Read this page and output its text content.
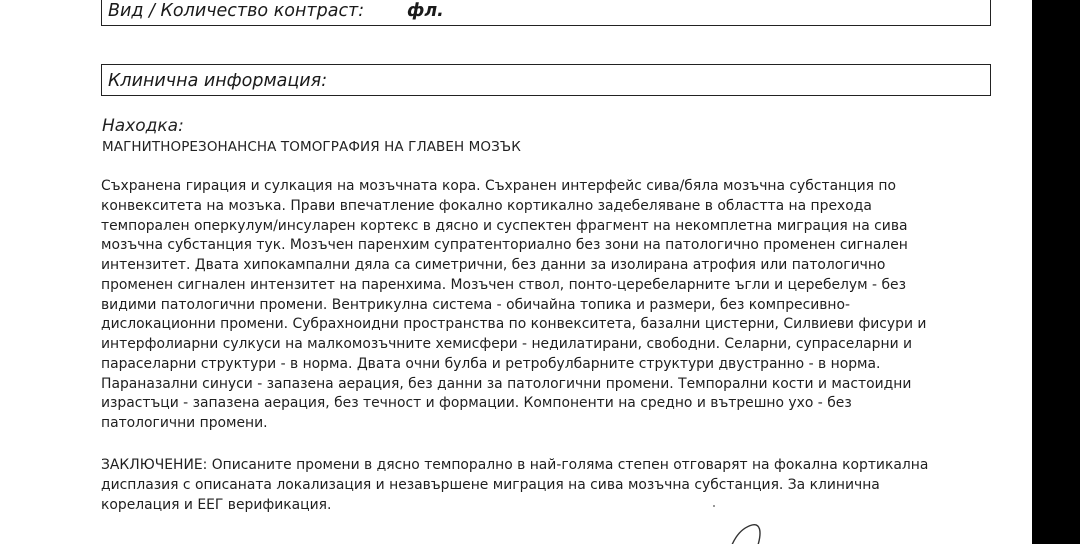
Вид / Количество контраст: фл.
Клинична информация:
Находка:
МАГНИТНОРЕЗОНАНСНА ТОМОГРАФИЯ НА ГЛАВЕН МОЗЪК
Съхранена гирация и сулкация на мозъчната кора. Съхранен интерфейс сива/бяла мозъчна субстанция по
конвекситета на мозъка. Прави впечатление фокално кортикално задебеляване в областта на прехода
темпорален оперкулум/инсуларен кортекс в дясно и суспектен фрагмент на некомплетна миграция на сива
мозъчна субстанция тук. Мозъчен паренхим супратенториално без зони на патологично променен сигнален
интензитет. Двата хипокампални дяла са симетрични, без данни за изолирана атрофия или патологично
променен сигнален интензитет на паренхима. Мозъчен ствол, понто-церебеларните ъгли и церебелум - без
видими патологични промени. Вентрикулна система - обичайна топика и размери, без компресивно-
дислокационни промени. Субрахноидни пространства по конвекситета, базални цистерни, Силвиеви фисури и
интерфолиарни сулкуси на малкомозъчните хемисфери - недилатирани, свободни. Селарни, супраселарни и
параселарни структури - в норма. Двата очни булба и ретробулбарните структури двустранно - в норма.
Параназални синуси - запазена аерация, без данни за патологични промени. Темпорални кости и мастоидни
израстъци - запазена аерация, без течност и формации. Компоненти на средно и вътрешно ухо - без
патологични промени.
ЗАКЛЮЧЕНИЕ: Описаните промени в дясно темпорално в най-голяма степен отговарят на фокална кортикална
дисплазия с описаната локализация и незавършене миграция на сива мозъчна субстанция. За клинична
корелация и ЕЕГ верификация.
